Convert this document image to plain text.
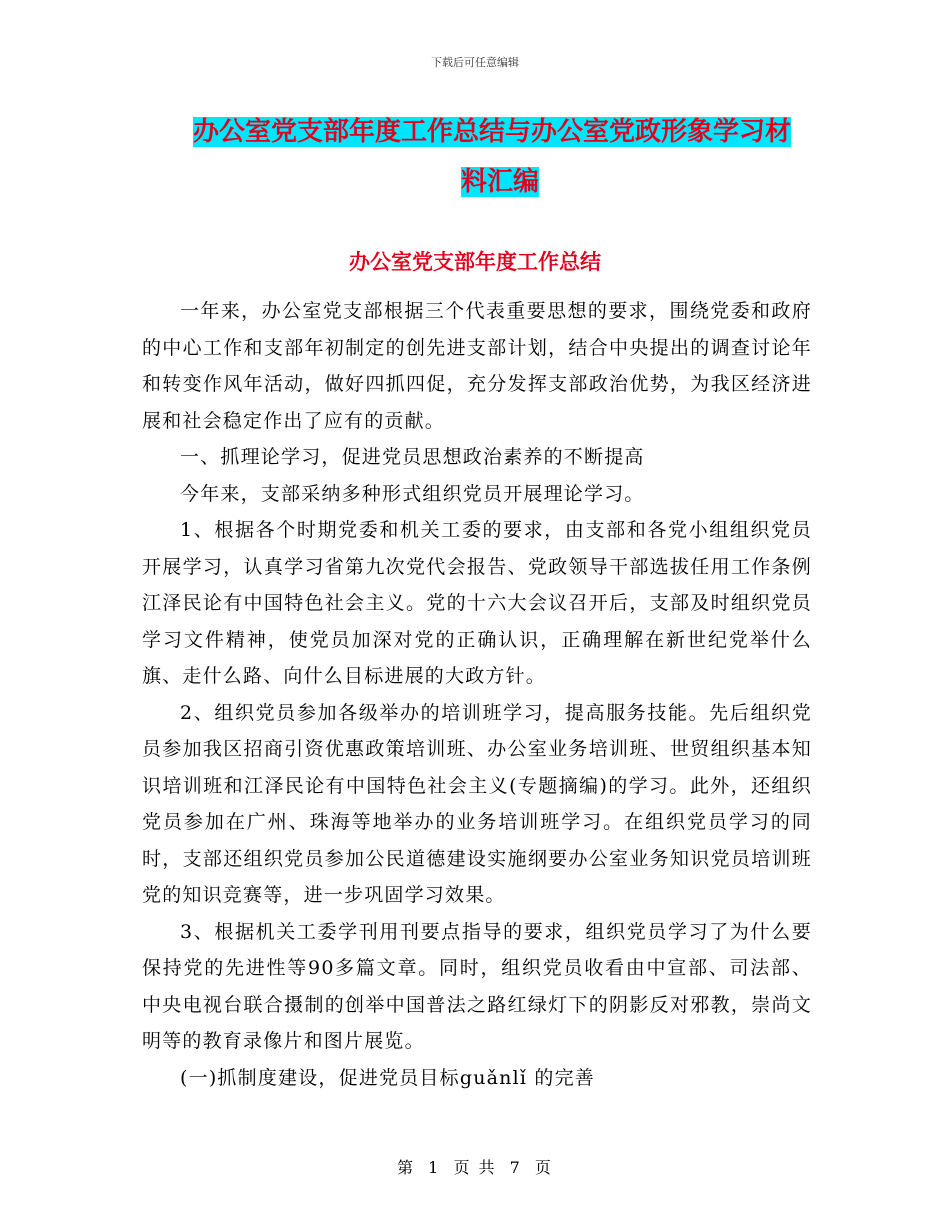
下载后可任意编辑
办公室党支部年度工作总结与办公室党政形象学习材
料汇编
办公室党支部年度工作总结

一年来，办公室党支部根据三个代表重要思想的要求，围绕党委和政府的中心工作和支部年初制定的创先进支部计划，结合中央提出的调查讨论年和转变作风年活动，做好四抓四促，充分发挥支部政治优势，为我区经济进展和社会稳定作出了应有的贡献。

一、抓理论学习，促进党员思想政治素养的不断提高

今年来，支部采纳多种形式组织党员开展理论学习。

1、根据各个时期党委和机关工委的要求，由支部和各党小组组织党员开展学习，认真学习省第九次党代会报告、党政领导干部选拔任用工作条例江泽民论有中国特色社会主义。党的十六大会议召开后，支部及时组织党员学习文件精神，使党员加深对党的正确认识，正确理解在新世纪党举什么旗、走什么路、向什么目标进展的大政方针。

2、组织党员参加各级举办的培训班学习，提高服务技能。先后组织党员参加我区招商引资优惠政策培训班、办公室业务培训班、世贸组织基本知识培训班和江泽民论有中国特色社会主义(专题摘编)的学习。此外，还组织党员参加在广州、珠海等地举办的业务培训班学习。在组织党员学习的同时，支部还组织党员参加公民道德建设实施纲要办公室业务知识党员培训班党的知识竞赛等，进一步巩固学习效果。

3、根据机关工委学刊用刊要点指导的要求，组织党员学习了为什么要保持党的先进性等90多篇文章。同时，组织党员收看由中宣部、司法部、中央电视台联合摄制的创举中国普法之路红绿灯下的阴影反对邪教，崇尚文明等的教育录像片和图片展览。

(一)抓制度建设，促进党员目标guǎnlǐ 的完善

第 1 页 共 7 页
